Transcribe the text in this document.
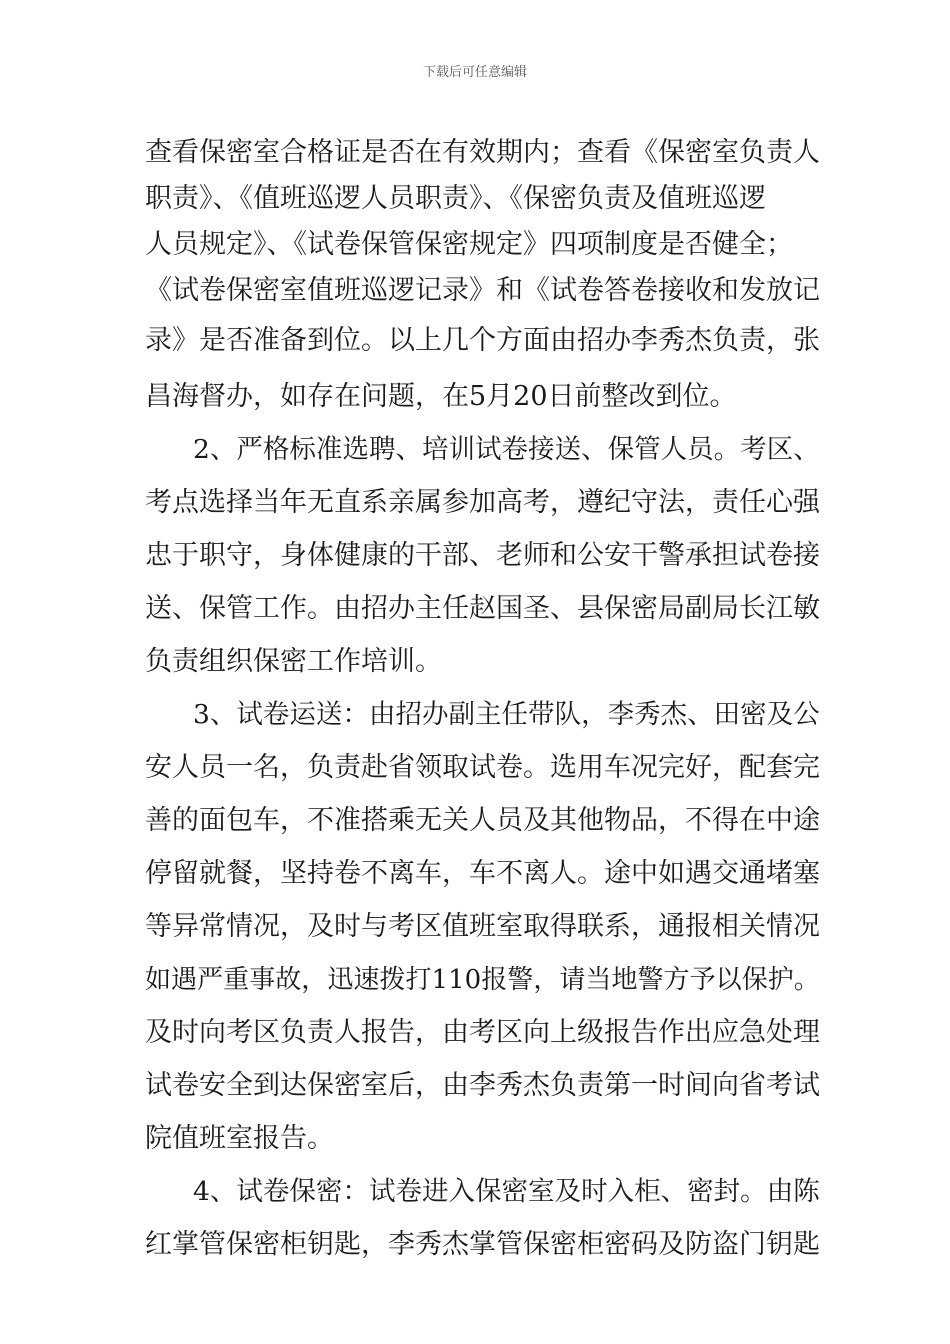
下载后可任意编辑
查看保密室合格证是否在有效期内；查看《保密室负责人
职责》、《值班巡逻人员职责》、《保密负责及值班巡逻
人员规定》、《试卷保管保密规定》四项制度是否健全；
《试卷保密室值班巡逻记录》和《试卷答卷接收和发放记
录》是否准备到位。以上几个方面由招办李秀杰负责，张
昌海督办，如存在问题，在5月20日前整改到位。
2、严格标准选聘、培训试卷接送、保管人员。考区、
考点选择当年无直系亲属参加高考，遵纪守法，责任心强
忠于职守，身体健康的干部、老师和公安干警承担试卷接
送、保管工作。由招办主任赵国圣、县保密局副局长江敏
负责组织保密工作培训。
3、试卷运送：由招办副主任带队，李秀杰、田密及公
安人员一名，负责赴省领取试卷。选用车况完好，配套完
善的面包车，不准搭乘无关人员及其他物品，不得在中途
停留就餐，坚持卷不离车，车不离人。途中如遇交通堵塞
等异常情况，及时与考区值班室取得联系，通报相关情况
如遇严重事故，迅速拨打110报警，请当地警方予以保护。
及时向考区负责人报告，由考区向上级报告作出应急处理
试卷安全到达保密室后，由李秀杰负责第一时间向省考试
院值班室报告。
4、试卷保密：试卷进入保密室及时入柜、密封。由陈
红掌管保密柜钥匙，李秀杰掌管保密柜密码及防盗门钥匙
